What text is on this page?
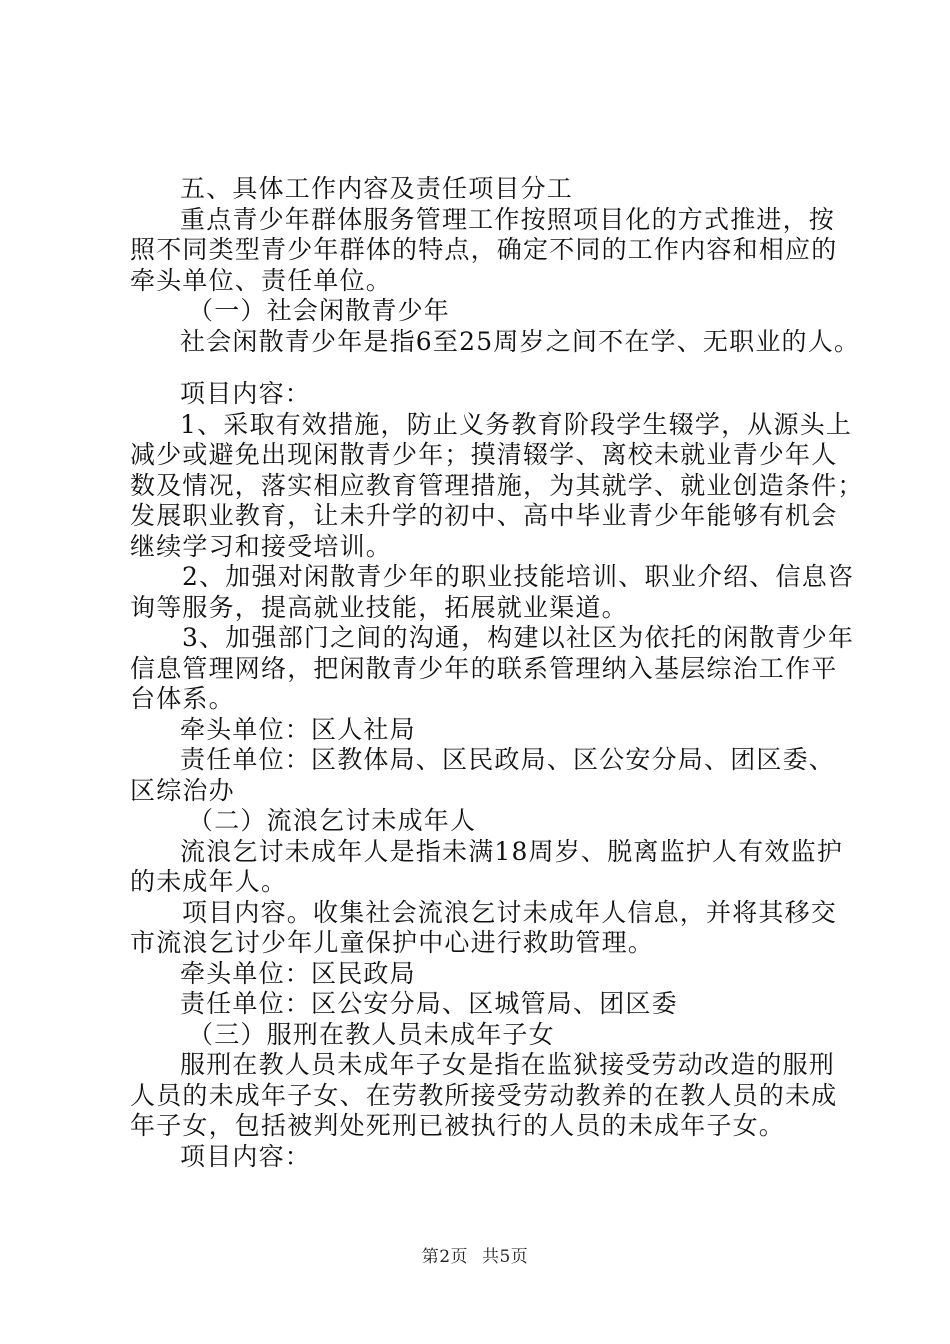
五、具体工作内容及责任项目分工
重点青少年群体服务管理工作按照项目化的方式推进，按
照不同类型青少年群体的特点，确定不同的工作内容和相应的
牵头单位、责任单位。
（一）社会闲散青少年
社会闲散青少年是指6至25周岁之间不在学、无职业的人。
项目内容：
1、采取有效措施，防止义务教育阶段学生辍学，从源头上
减少或避免出现闲散青少年；摸清辍学、离校未就业青少年人
数及情况，落实相应教育管理措施，为其就学、就业创造条件；
发展职业教育，让未升学的初中、高中毕业青少年能够有机会
继续学习和接受培训。
2、加强对闲散青少年的职业技能培训、职业介绍、信息咨
询等服务，提高就业技能，拓展就业渠道。
3、加强部门之间的沟通，构建以社区为依托的闲散青少年
信息管理网络，把闲散青少年的联系管理纳入基层综治工作平
台体系。
牵头单位：区人社局
责任单位：区教体局、区民政局、区公安分局、团区委、
区综治办
（二）流浪乞讨未成年人
流浪乞讨未成年人是指未满18周岁、脱离监护人有效监护
的未成年人。
项目内容。收集社会流浪乞讨未成年人信息，并将其移交
市流浪乞讨少年儿童保护中心进行救助管理。
牵头单位：区民政局
责任单位：区公安分局、区城管局、团区委
（三）服刑在教人员未成年子女
服刑在教人员未成年子女是指在监狱接受劳动改造的服刑
人员的未成年子女、在劳教所接受劳动教养的在教人员的未成
年子女，包括被判处死刑已被执行的人员的未成年子女。
项目内容：
第2页 共5页
